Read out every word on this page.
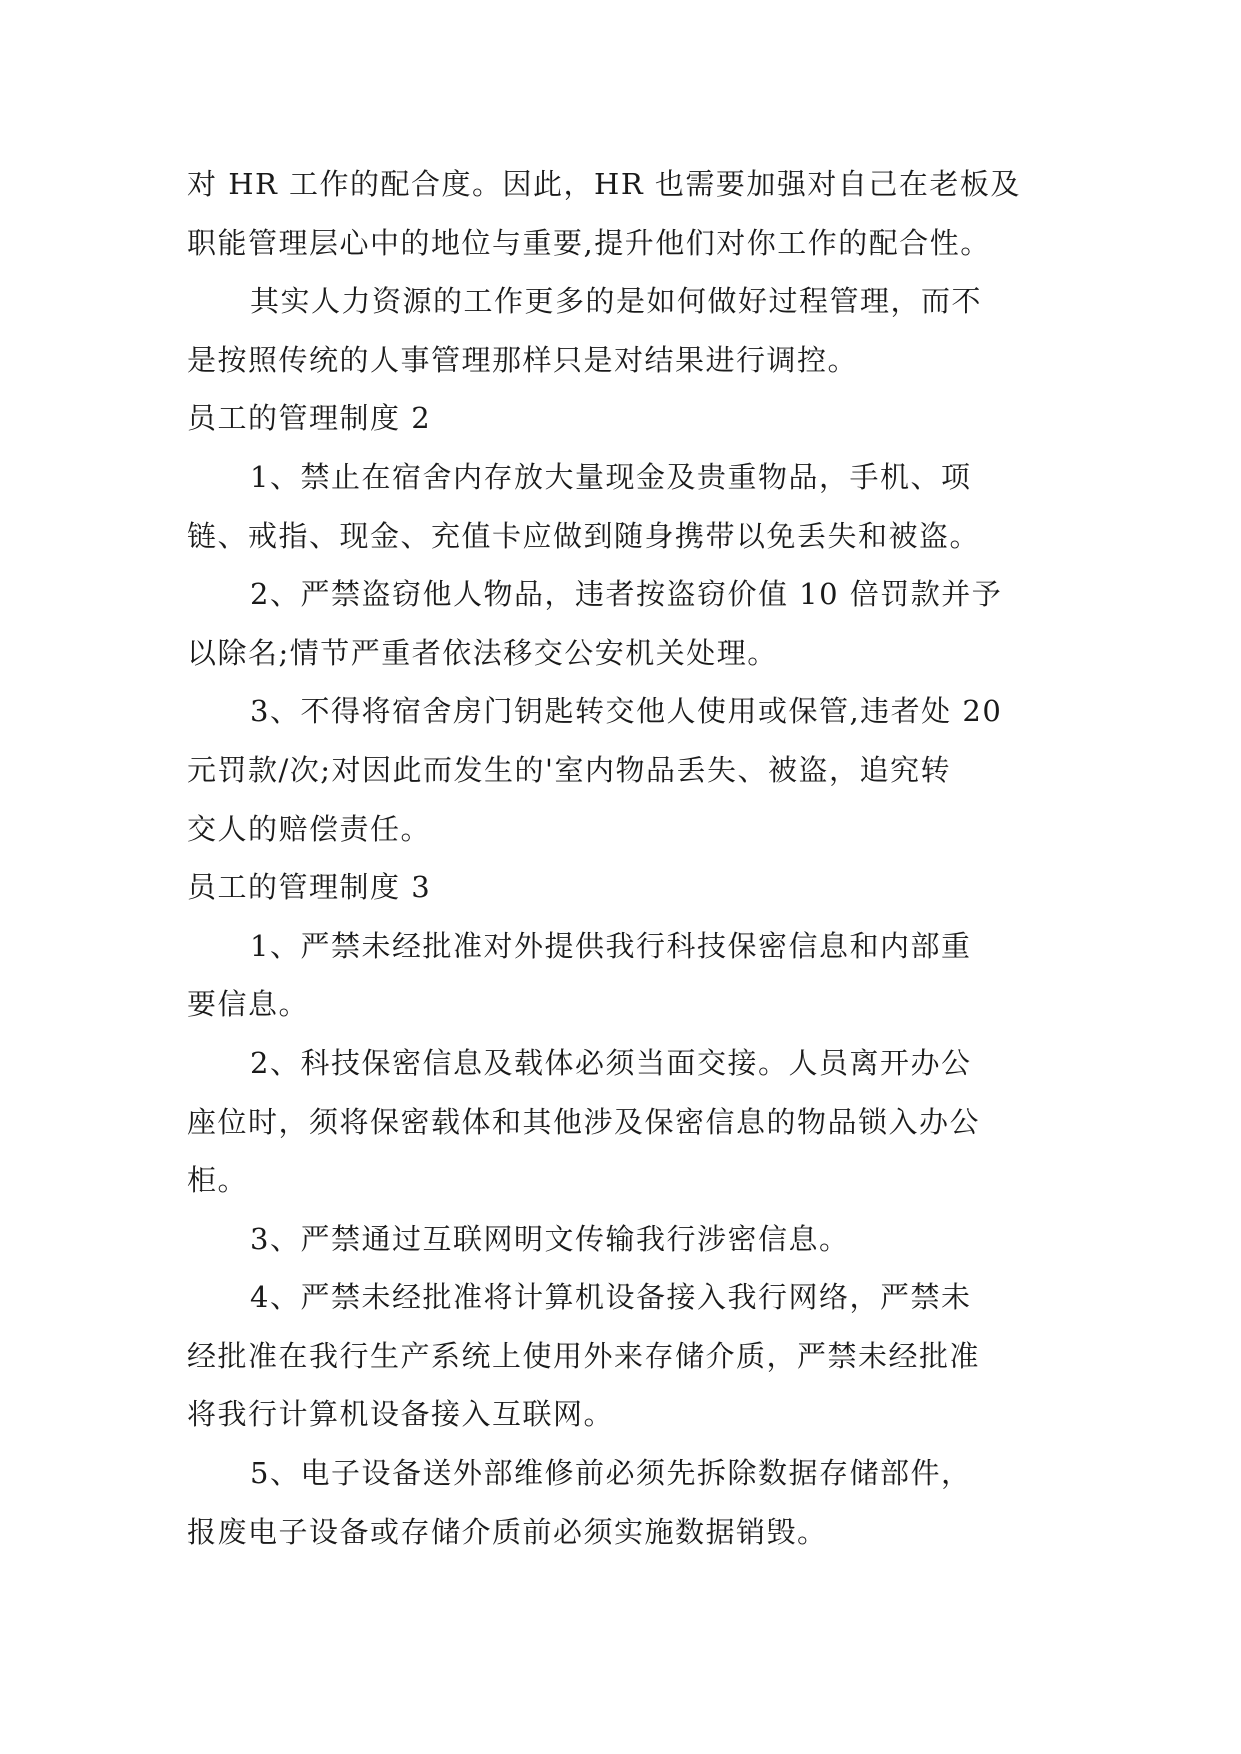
对 HR 工作的配合度。因此，HR 也需要加强对自己在老板及
职能管理层心中的地位与重要,提升他们对你工作的配合性。
其实人力资源的工作更多的是如何做好过程管理，而不
是按照传统的人事管理那样只是对结果进行调控。
员工的管理制度 2
1、禁止在宿舍内存放大量现金及贵重物品，手机、项
链、戒指、现金、充值卡应做到随身携带以免丢失和被盗。
2、严禁盗窃他人物品，违者按盗窃价值 10 倍罚款并予
以除名;情节严重者依法移交公安机关处理。
3、不得将宿舍房门钥匙转交他人使用或保管,违者处 20
元罚款/次;对因此而发生的'室内物品丢失、被盗，追究转
交人的赔偿责任。
员工的管理制度 3
1、严禁未经批准对外提供我行科技保密信息和内部重
要信息。
2、科技保密信息及载体必须当面交接。人员离开办公
座位时，须将保密载体和其他涉及保密信息的物品锁入办公
柜。
3、严禁通过互联网明文传输我行涉密信息。
4、严禁未经批准将计算机设备接入我行网络，严禁未
经批准在我行生产系统上使用外来存储介质，严禁未经批准
将我行计算机设备接入互联网。
5、电子设备送外部维修前必须先拆除数据存储部件，
报废电子设备或存储介质前必须实施数据销毁。
